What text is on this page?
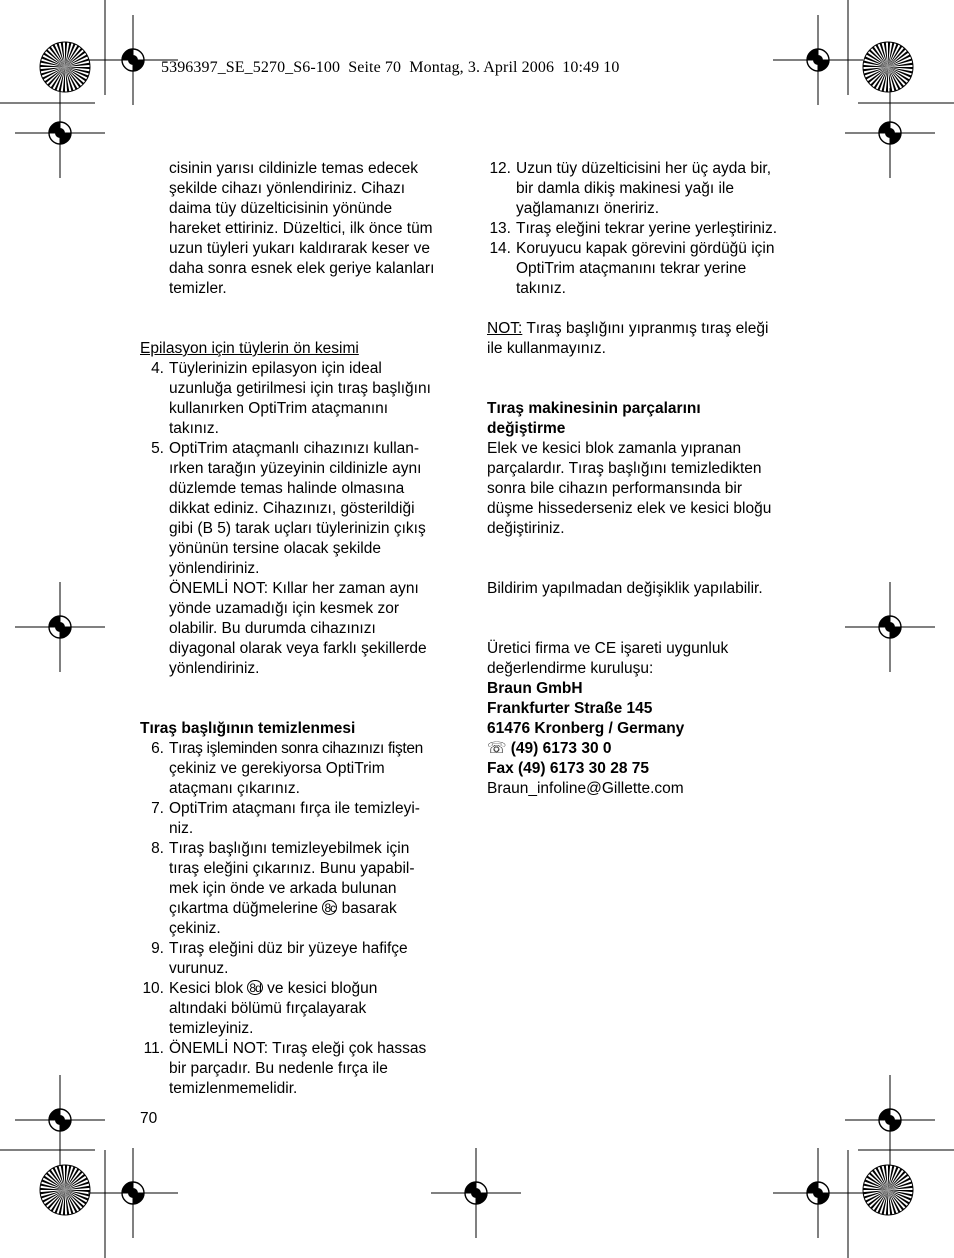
5396397_SE_5270_S6-100  Seite 70  Montag, 3. April 2006  10:49 10
cisinin yarısı cildinizle temas edecek
şekilde cihazı yönlendiriniz. Cihazı
daima tüy düzelticisinin yönünde
hareket ettiriniz. Düzeltici, ilk önce tüm
uzun tüyleri yukarı kaldırarak keser ve
daha sonra esnek elek geriye kalanları
temizler.
Epilasyon için tüylerin ön kesimi
4. Tüylerinizin epilasyon için ideal
uzunluğa getirilmesi için tıraş başlığını
kullanırken OptiTrim ataçmanını
takınız.
5. OptiTrim ataçmanlı cihazınızı kullan-
ırken tarağın yüzeyinin cildinizle aynı
düzlemde temas halinde olmasına
dikkat ediniz. Cihazınızı, gösterildiği
gibi (B 5) tarak uçları tüylerinizin çıkış
yönünün tersine olacak şekilde
yönlendiriniz.
ÖNEMLİ NOT: Kıllar her zaman aynı
yönde uzamadığı için kesmek zor
olabilir. Bu durumda cihazınızı
diyagonal olarak veya farklı şekillerde
yönlendiriniz.
Tıraş başlığının temizlenmesi
6. Tıraş işleminden sonra cihazınızı fişten
çekiniz ve gerekiyorsa OptiTrim
ataçmanı çıkarınız.
7. OptiTrim ataçmanı fırça ile temizleyi-
niz.
8. Tıraş başlığını temizleyebilmek için
tıraş eleğini çıkarınız. Bunu yapabil-
mek için önde ve arkada bulunan
çıkartma düğmelerine 8c basarak
çekiniz.
9. Tıraş eleğini düz bir yüzeye hafifçe
vurunuz.
10. Kesici blok 8d ve kesici bloğun
altındaki bölümü fırçalayarak
temizleyiniz.
11. ÖNEMLİ NOT: Tıraş eleği çok hassas
bir parçadır. Bu nedenle fırça ile
temizlenmemelidir.
12. Uzun tüy düzelticisini her üç ayda bir,
bir damla dikiş makinesi yağı ile
yağlamanızı öneririz.
13. Tıraş eleğini tekrar yerine yerleştiriniz.
14. Koruyucu kapak görevini gördüğü için
OptiTrim ataçmanını tekrar yerine
takınız.
NOT: Tıraş başlığını yıpranmış tıraş eleği
ile kullanmayınız.
Tıraş makinesinin parçalarını
değiştirme
Elek ve kesici blok zamanla yıpranan
parçalardır. Tıraş başlığını temizledikten
sonra bile cihazın performansında bir
düşme hissederseniz elek ve kesici bloğu
değiştiriniz.
Bildirim yapılmadan değişiklik yapılabilir.
Üretici firma ve CE işareti uygunluk
değerlendirme kuruluşu:
Braun GmbH
Frankfurter Straße 145
61476 Kronberg / Germany
☏ (49) 6173 30 0
Fax (49) 6173 30 28 75
Braun_infoline@Gillette.com
70
